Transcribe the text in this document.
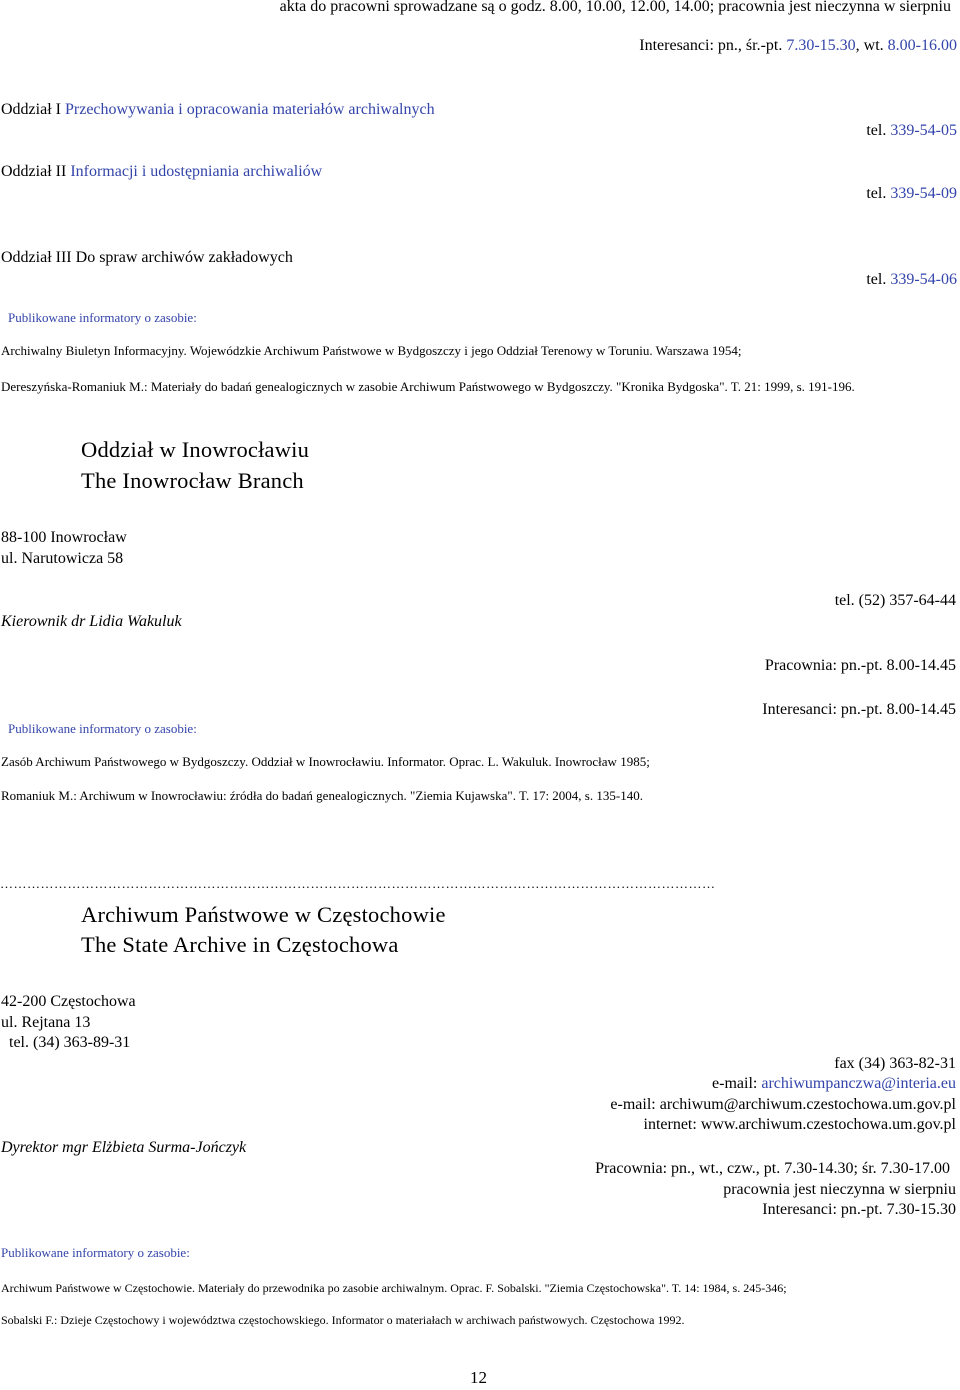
akta do pracowni sprowadzane są o godz. 8.00, 10.00, 12.00, 14.00; pracownia jest nieczynna w sierpniu
Interesanci: pn., śr.-pt. 7.30-15.30, wt. 8.00-16.00
Oddział I Przechowywania i opracowania materiałów archiwalnych
tel. 339-54-05
Oddział II Informacji i udostępniania archiwaliów
tel. 339-54-09
Oddział III Do spraw archiwów zakładowych
tel. 339-54-06
Publikowane informatory o zasobie:
Archiwalny Biuletyn Informacyjny. Wojewódzkie Archiwum Państwowe w Bydgoszczy i jego Oddział Terenowy w Toruniu. Warszawa 1954;
Dereszyńska-Romaniuk M.: Materiały do badań genealogicznych w zasobie Archiwum Państwowego w Bydgoszczy. "Kronika Bydgoska". T. 21: 1999, s. 191-196.
Oddział w Inowrocławiu
The Inowrocław Branch
88-100 Inowrocław
ul. Narutowicza 58
tel. (52) 357-64-44
Kierownik dr Lidia Wakuluk
Pracownia: pn.-pt. 8.00-14.45
Interesanci: pn.-pt. 8.00-14.45
Publikowane informatory o zasobie:
Zasób Archiwum Państwowego w Bydgoszczy. Oddział w Inowrocławiu. Informator. Oprac. L. Wakuluk. Inowrocław 1985;
Romaniuk M.: Archiwum w Inowrocławiu: źródła do badań genealogicznych. "Ziemia Kujawska". T. 17: 2004, s. 135-140.
……………………………………………………………………………………………………………………………………………
Archiwum Państwowe w Częstochowie
The State Archive in Częstochowa
42-200 Częstochowa
ul. Rejtana 13
tel. (34) 363-89-31
fax (34) 363-82-31
e-mail: archiwumpanczwa@interia.eu
e-mail: archiwum@archiwum.czestochowa.um.gov.pl
internet: www.archiwum.czestochowa.um.gov.pl
Dyrektor mgr Elżbieta Surma-Jończyk
Pracownia: pn., wt., czw., pt. 7.30-14.30; śr. 7.30-17.00
pracownia jest nieczynna w sierpniu
Interesanci: pn.-pt. 7.30-15.30
Publikowane informatory o zasobie:
Archiwum Państwowe w Częstochowie. Materiały do przewodnika po zasobie archiwalnym. Oprac. F. Sobalski. "Ziemia Częstochowska". T. 14: 1984, s. 245-346;
Sobalski F.: Dzieje Częstochowy i województwa częstochowskiego. Informator o materiałach w archiwach państwowych. Częstochowa 1992.
12
